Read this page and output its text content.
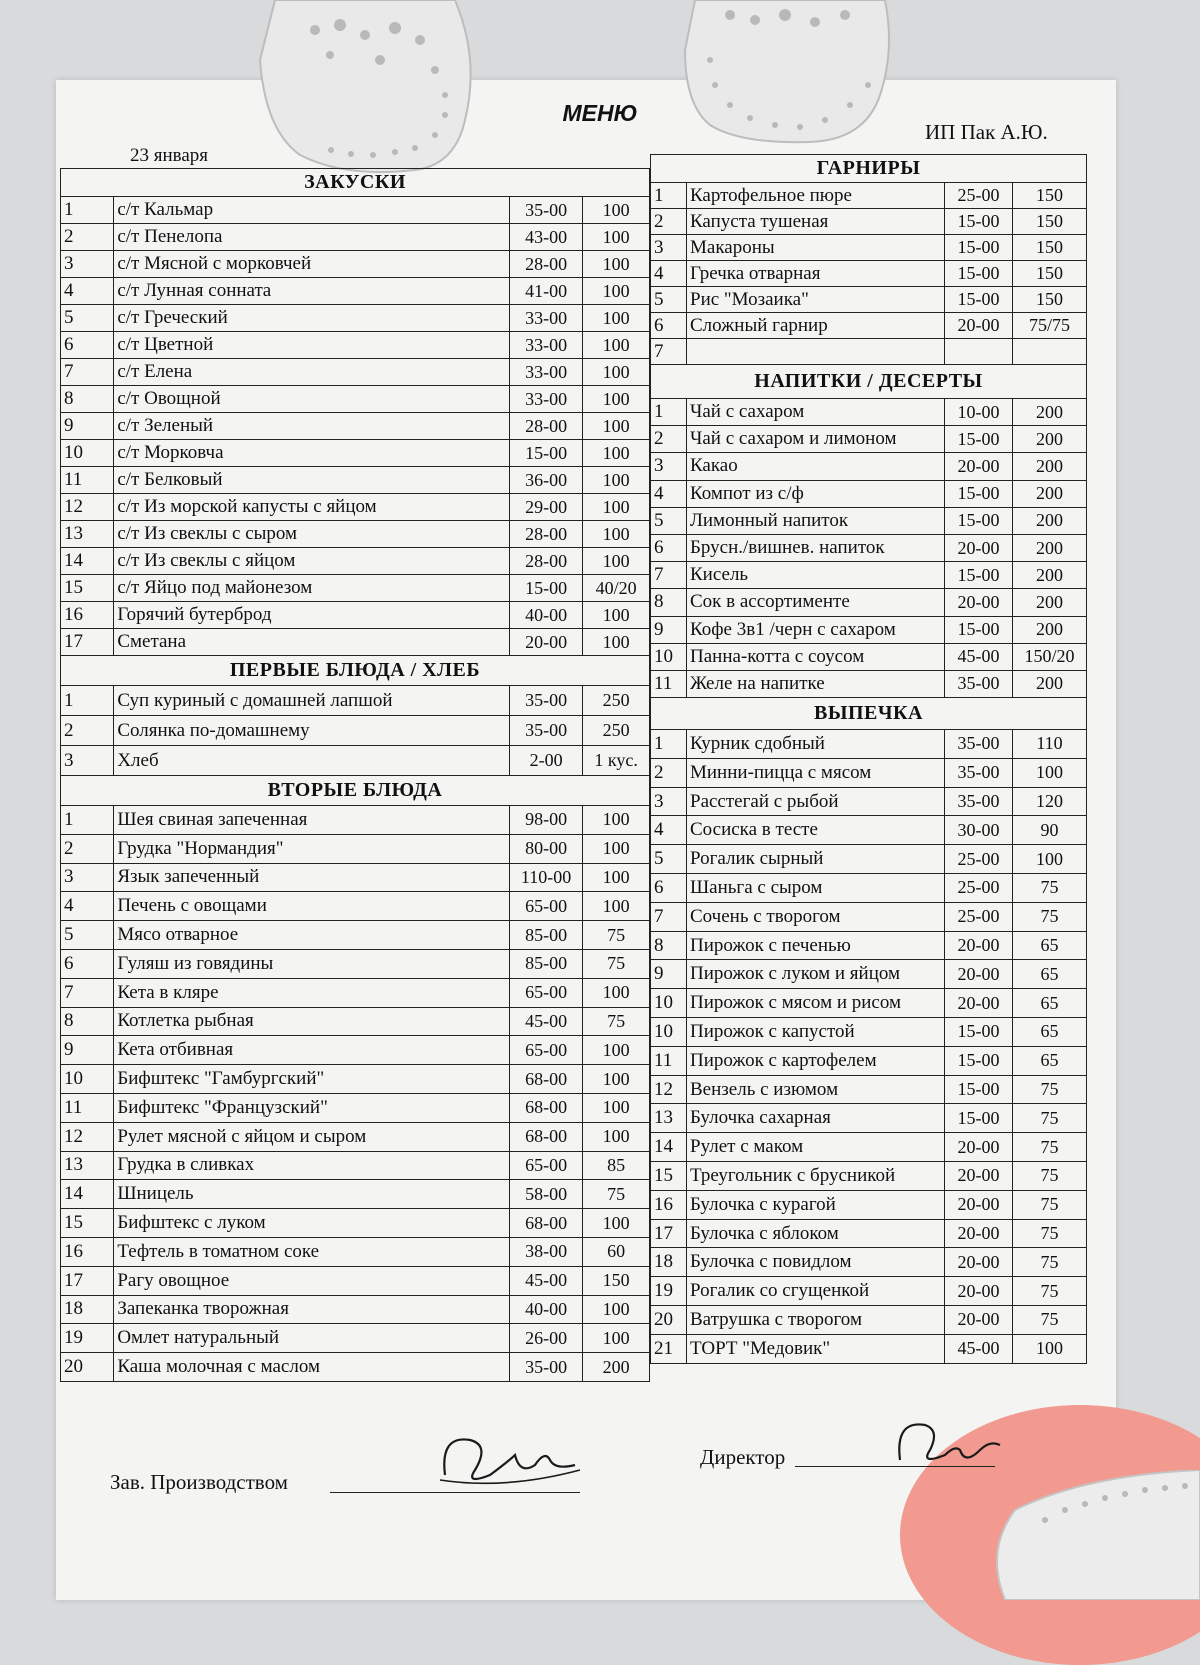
МЕНЮ
23 января
ИП Пак А.Ю.
ЗАКУСКИ			
1	с/т Кальмар	35-00	100
2	с/т Пенелопа	43-00	100
3	с/т Мясной с морковчей	28-00	100
4	с/т Лунная соннатa	41-00	100
5	с/т Греческий	33-00	100
6	с/т Цветной	33-00	100
7	с/т Елена	33-00	100
8	с/т Овощной	33-00	100
9	с/т Зеленый	28-00	100
10	с/т Морковча	15-00	100
11	с/т Белковый	36-00	100
12	с/т Из морской капусты с яйцом	29-00	100
13	с/т Из свеклы с сыром	28-00	100
14	с/т Из свеклы с яйцом	28-00	100
15	с/т Яйцо под майонезом	15-00	40/20
16	Горячий бутерброд	40-00	100
17	Сметана	20-00	100
ПЕРВЫЕ БЛЮДА / ХЛЕБ			
1	Суп куриный с домашней лапшой	35-00	250
2	Солянка по-домашнему	35-00	250
3	Хлеб	2-00	1 кус.
ВТОРЫЕ БЛЮДА			
1	Шея свиная запеченная	98-00	100
2	Грудка "Нормандия"	80-00	100
3	Язык запеченный	110-00	100
4	Печень с овощами	65-00	100
5	Мясо отварное	85-00	75
6	Гуляш из говядины	85-00	75
7	Кета в кляре	65-00	100
8	Котлетка рыбная	45-00	75
9	Кета отбивная	65-00	100
10	Бифштекс "Гамбургский"	68-00	100
11	Бифштекс "Французский"	68-00	100
12	Рулет мясной с яйцом и сыром	68-00	100
13	Грудка в сливках	65-00	85
14	Шницель	58-00	75
15	Бифштекс с луком	68-00	100
16	Тефтель в томатном соке	38-00	60
17	Рагу овощное	45-00	150
18	Запеканка творожная	40-00	100
19	Омлет натуральный	26-00	100
20	Каша молочная с маслом	35-00	200
ГАРНИРЫ			
1	Картофельное пюре	25-00	150
2	Капуста тушеная	15-00	150
3	Макароны	15-00	150
4	Гречка отварная	15-00	150
5	Рис "Мозаика"	15-00	150
6	Сложный гарнир	20-00	75/75
7			
НАПИТКИ / ДЕСЕРТЫ			
1	Чай с сахаром	10-00	200
2	Чай с сахаром и лимоном	15-00	200
3	Какао	20-00	200
4	Компот из с/ф	15-00	200
5	Лимонный напиток	15-00	200
6	Брусн./вишнев. напиток	20-00	200
7	Кисель	15-00	200
8	Сок в ассортименте	20-00	200
9	Кофе 3в1 /черн с сахаром	15-00	200
10	Панна-котта с соусом	45-00	150/20
11	Желе на напитке	35-00	200
ВЫПЕЧКА			
1	Курник сдобный	35-00	110
2	Минни-пицца с мясом	35-00	100
3	Расстегай с рыбой	35-00	120
4	Сосиска в тесте	30-00	90
5	Рогалик сырный	25-00	100
6	Шаньга с сыром	25-00	75
7	Сочень с творогом	25-00	75
8	Пирожок с печенью	20-00	65
9	Пирожок с луком и яйцом	20-00	65
10	Пирожок с мясом и рисом	20-00	65
10	Пирожок с капустой	15-00	65
11	Пирожок с картофелем	15-00	65
12	Вензель с изюмом	15-00	75
13	Булочка сахарная	15-00	75
14	Рулет с маком	20-00	75
15	Треугольник с брусникой	20-00	75
16	Булочка с курагой	20-00	75
17	Булочка с яблоком	20-00	75
18	Булочка с повидлом	20-00	75
19	Рогалик со сгущенкой	20-00	75
20	Ватрушка с творогом	20-00	75
21	ТОРТ "Медовик"	45-00	100
Зав. Производством
Директор
